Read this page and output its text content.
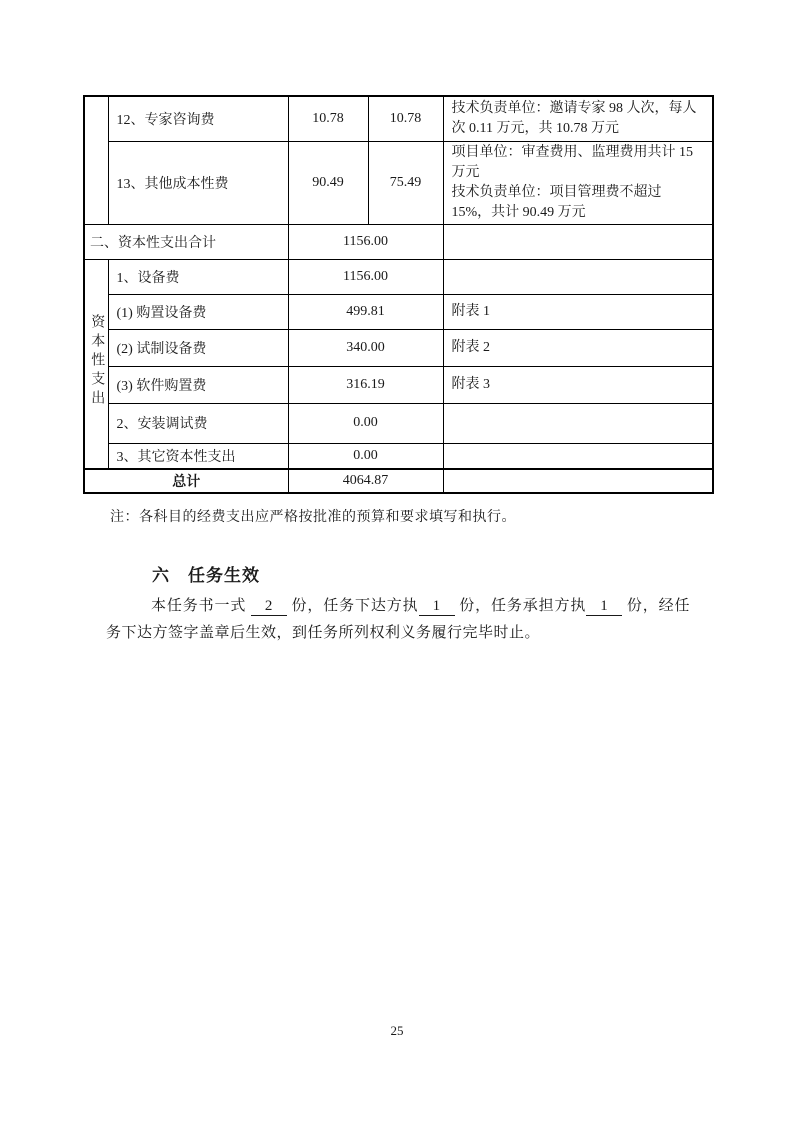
	12、专家咨询费	10.78	10.78	技术负责单位：邀请专家 98 人次，每人次 0.11 万元，共 10.78 万元
	13、其他成本性费	90.49	75.49	项目单位：审查费用、监理费用共计 15 万元
技术负责单位：项目管理费不超过 15%，共计 90.49 万元

二、资本性支出合计		1156.00		
资本性支出	1、设备费	1156.00		
	(1) 购置设备费	499.81		附表 1
	(2) 试制设备费	340.00		附表 2
	(3) 软件购置费	316.19		附表 3
	2、安装调试费	0.00		
	3、其它资本性支出	0.00		
总计		4064.87		
注：各科目的经费支出应严格按批准的预算和要求填写和执行。
六　任务生效
本任务书一式 2 份，任务下达方执 1 份，任务承担方执 1 份，经任务下达方签字盖章后生效，到任务所列权利义务履行完毕时止。
25
